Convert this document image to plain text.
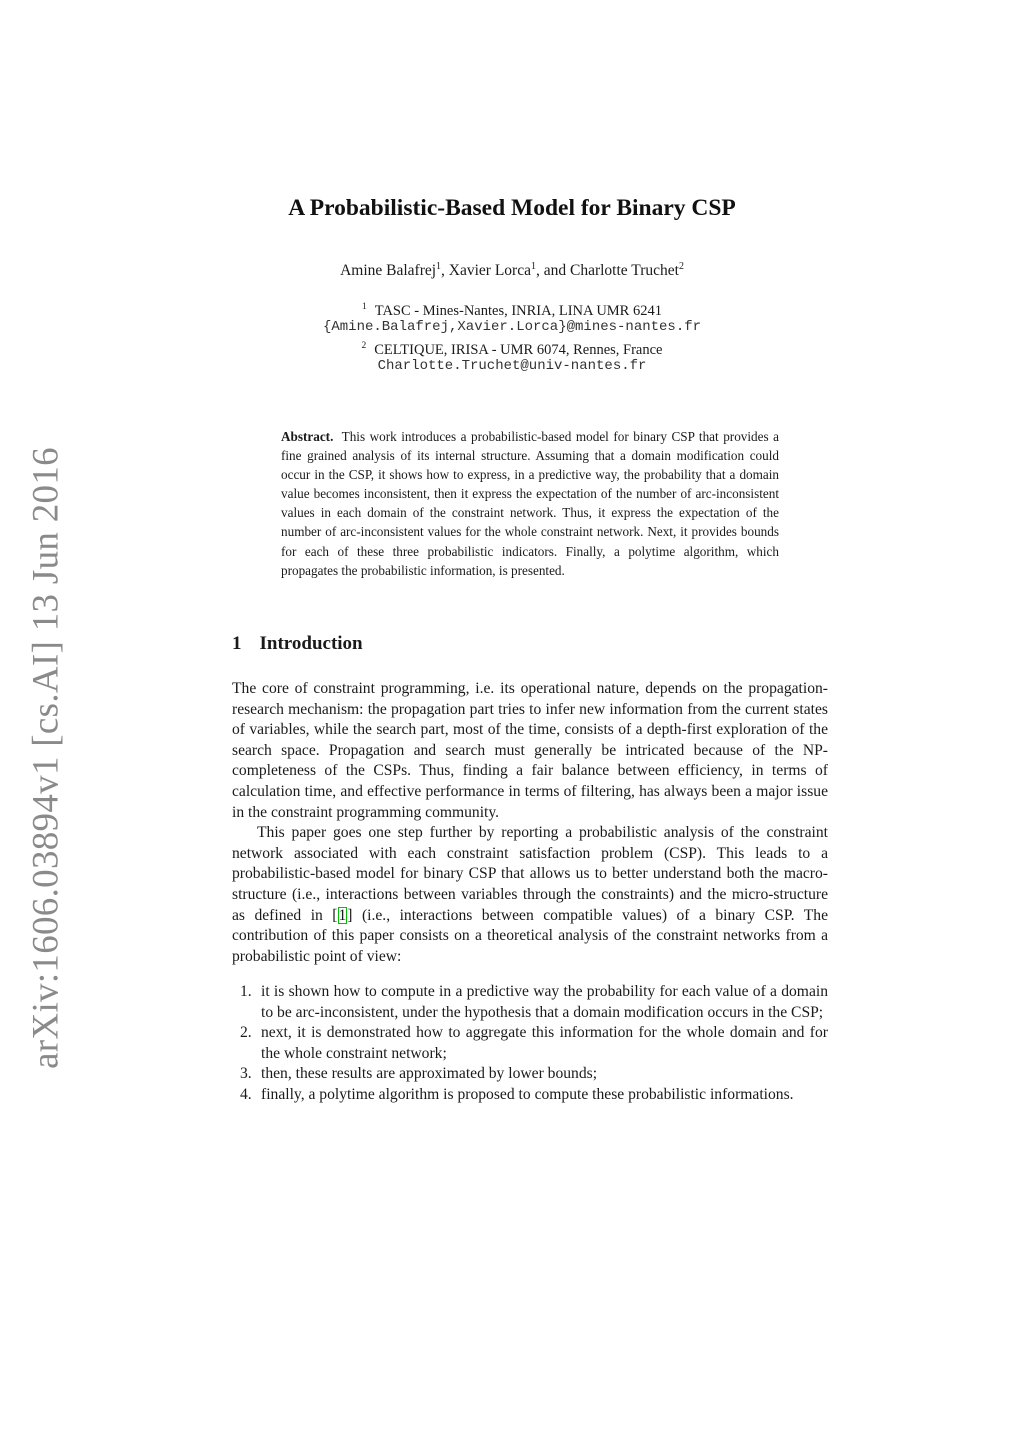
arXiv:1606.03894v1 [cs.AI] 13 Jun 2016
A Probabilistic-Based Model for Binary CSP
Amine Balafrej$^1$, Xavier Lorca$^1$, and Charlotte Truchet$^2$
$^1$ TASC - Mines-Nantes, INRIA, LINA UMR 6241
{Amine.Balafrej,Xavier.Lorca}@mines-nantes.fr
$^2$ CELTIQUE, IRISA - UMR 6074, Rennes, France
Charlotte.Truchet@univ-nantes.fr
Abstract. This work introduces a probabilistic-based model for binary CSP that provides a fine grained analysis of its internal structure. Assuming that a domain modification could occur in the CSP, it shows how to express, in a predictive way, the probability that a domain value becomes inconsistent, then it express the expectation of the number of arc-inconsistent values in each domain of the constraint network. Thus, it express the expectation of the number of arc-inconsistent values for the whole constraint network. Next, it provides bounds for each of these three probabilistic indicators. Finally, a polytime algorithm, which propagates the probabilistic information, is presented.
1 Introduction

The core of constraint programming, i.e. its operational nature, depends on the propagation-research mechanism: the propagation part tries to infer new information from the current states of variables, while the search part, most of the time, consists of a depth-first exploration of the search space. Propagation and search must generally be intricated because of the NP-completeness of the CSPs. Thus, finding a fair balance between efficiency, in terms of calculation time, and effective performance in terms of filtering, has always been a major issue in the constraint programming community.

This paper goes one step further by reporting a probabilistic analysis of the constraint network associated with each constraint satisfaction problem (CSP). This leads to a probabilistic-based model for binary CSP that allows us to better understand both the macro-structure (i.e., interactions between variables through the constraints) and the micro-structure as defined in [1] (i.e., interactions between compatible values) of a binary CSP. The contribution of this paper consists on a theoretical analysis of the constraint networks from a probabilistic point of view:

1. it is shown how to compute in a predictive way the probability for each value of a domain to be arc-inconsistent, under the hypothesis that a domain modification occurs in the CSP;
2. next, it is demonstrated how to aggregate this information for the whole domain and for the whole constraint network;
3. then, these results are approximated by lower bounds;
4. finally, a polytime algorithm is proposed to compute these probabilistic informations.
